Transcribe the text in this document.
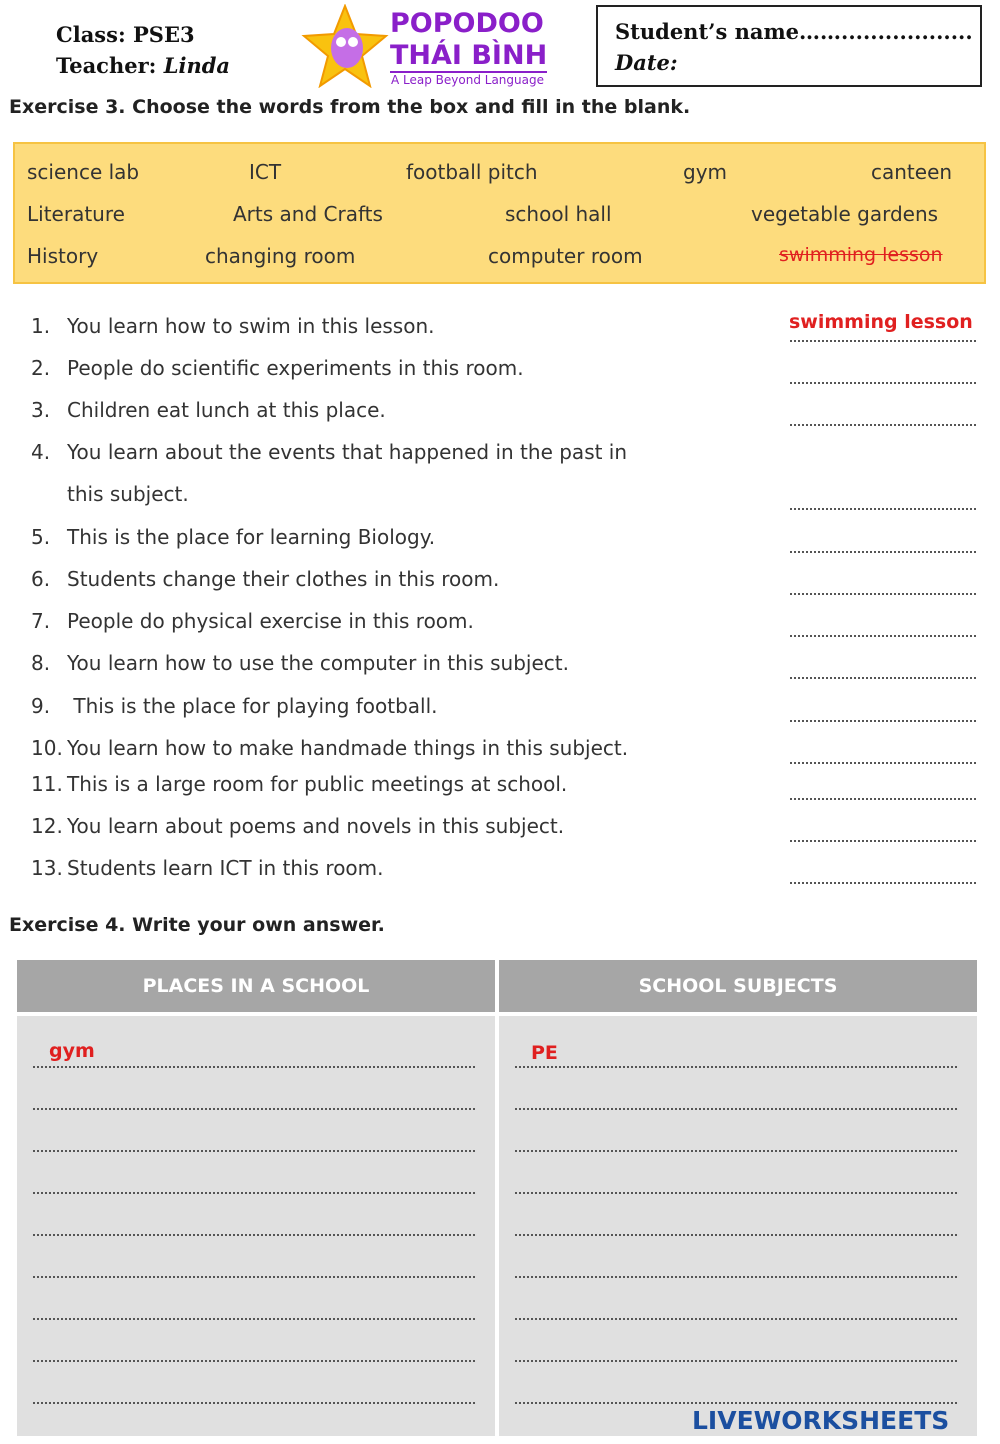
Class: PSE3
Teacher: Linda
POPODOO
THÁI BÌNH
A Leap Beyond Language
Student’s name……..................
Date:
Exercise 3. Choose the words from the box and fill in the blank.
science lab	ICT	football pitch	gym	canteen
Literature	Arts and Crafts	school hall	vegetable gardens
History	changing room	computer room	swimming lesson
1. You learn how to swim in this lesson.	swimming lesson
2. People do scientific experiments in this room.
3. Children eat lunch at this place.
4. You learn about the events that happened in the past in
this subject.
5. This is the place for learning Biology.
6. Students change their clothes in this room.
7. People do physical exercise in this room.
8. You learn how to use the computer in this subject.
9. This is the place for playing football.
10. You learn how to make handmade things in this subject.
11. This is a large room for public meetings at school.
12. You learn about poems and novels in this subject.
13. Students learn ICT in this room.
Exercise 4. Write your own answer.
PLACES IN A SCHOOL	SCHOOL SUBJECTS
gym	PE
LIVEWORKSHEETS
